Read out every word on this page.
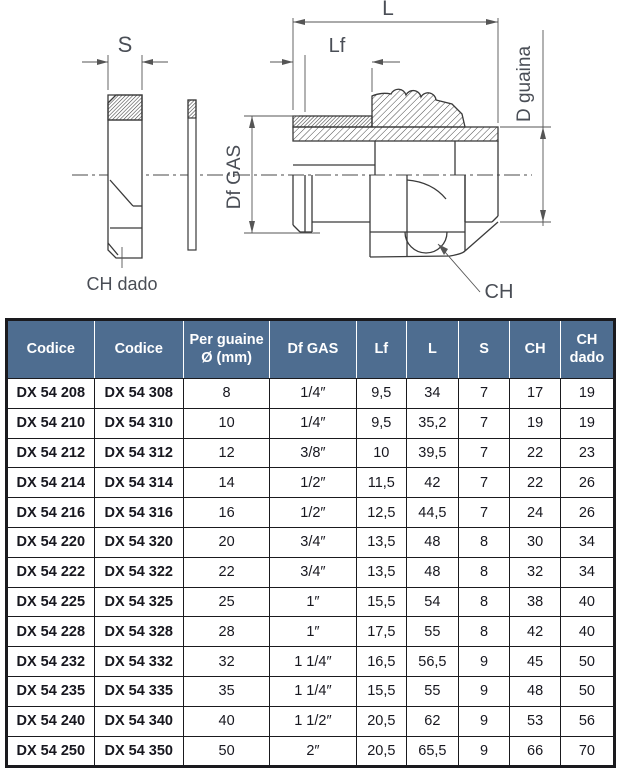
S
CH dado
L
Lf
Df GAS
D guaina
CH
Codice	Codice	Per guaine Ø (mm)	Df GAS	Lf	L	S	CH	CH dado
DX 54 208	DX 54 308	8	1/4″	9,5	34	7	17	19
DX 54 210	DX 54 310	10	1/4″	9,5	35,2	7	19	19
DX 54 212	DX 54 312	12	3/8″	10	39,5	7	22	23
DX 54 214	DX 54 314	14	1/2″	11,5	42	7	22	26
DX 54 216	DX 54 316	16	1/2″	12,5	44,5	7	24	26
DX 54 220	DX 54 320	20	3/4″	13,5	48	8	30	34
DX 54 222	DX 54 322	22	3/4″	13,5	48	8	32	34
DX 54 225	DX 54 325	25	1″	15,5	54	8	38	40
DX 54 228	DX 54 328	28	1″	17,5	55	8	42	40
DX 54 232	DX 54 332	32	1 1/4″	16,5	56,5	9	45	50
DX 54 235	DX 54 335	35	1 1/4″	15,5	55	9	48	50
DX 54 240	DX 54 340	40	1 1/2″	20,5	62	9	53	56
DX 54 250	DX 54 350	50	2″	20,5	65,5	9	66	70
